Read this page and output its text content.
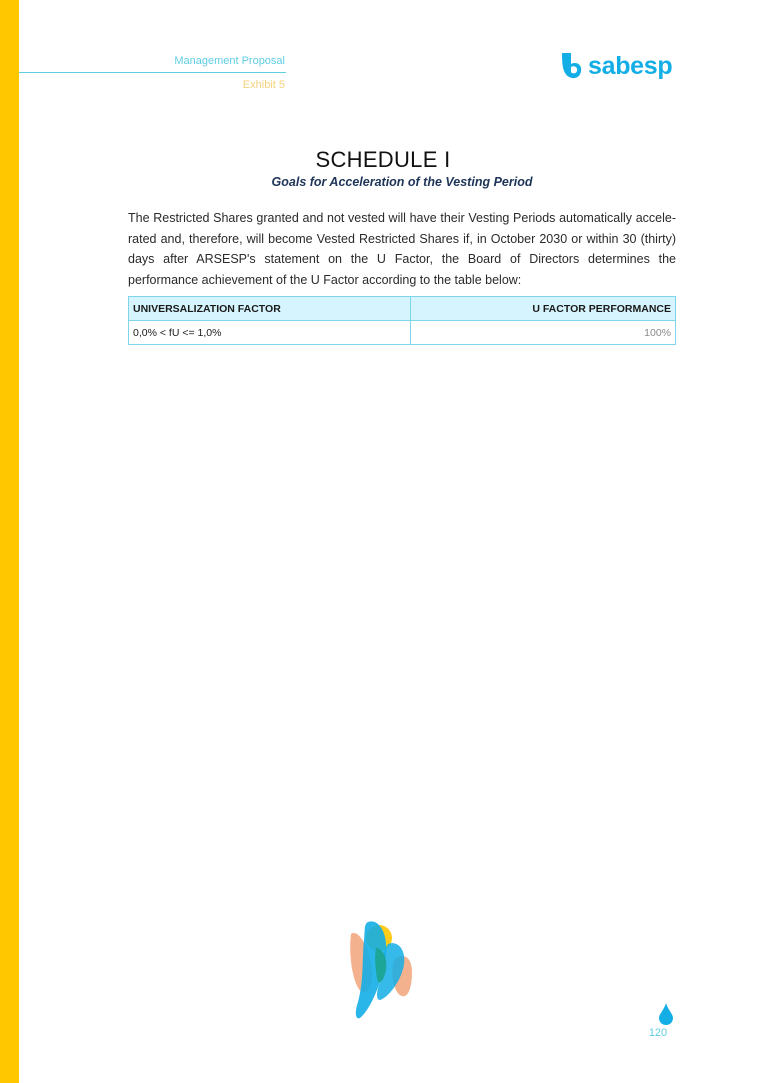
Management Proposal
Exhibit 5
sabesp
SCHEDULE I
Goals for Acceleration of the Vesting Period

The Restricted Shares granted and not vested will have their Vesting Periods automatically accele-rated and, therefore, will become Vested Restricted Shares if, in October 2030 or within 30 (thirty) days after ARSESP's statement on the U Factor, the Board of Directors determines the performance achievement of the U Factor according to the table below:

UNIVERSALIZATION FACTOR	U FACTOR PERFORMANCE
0,0% < fU <= 1,0%	100%
120
